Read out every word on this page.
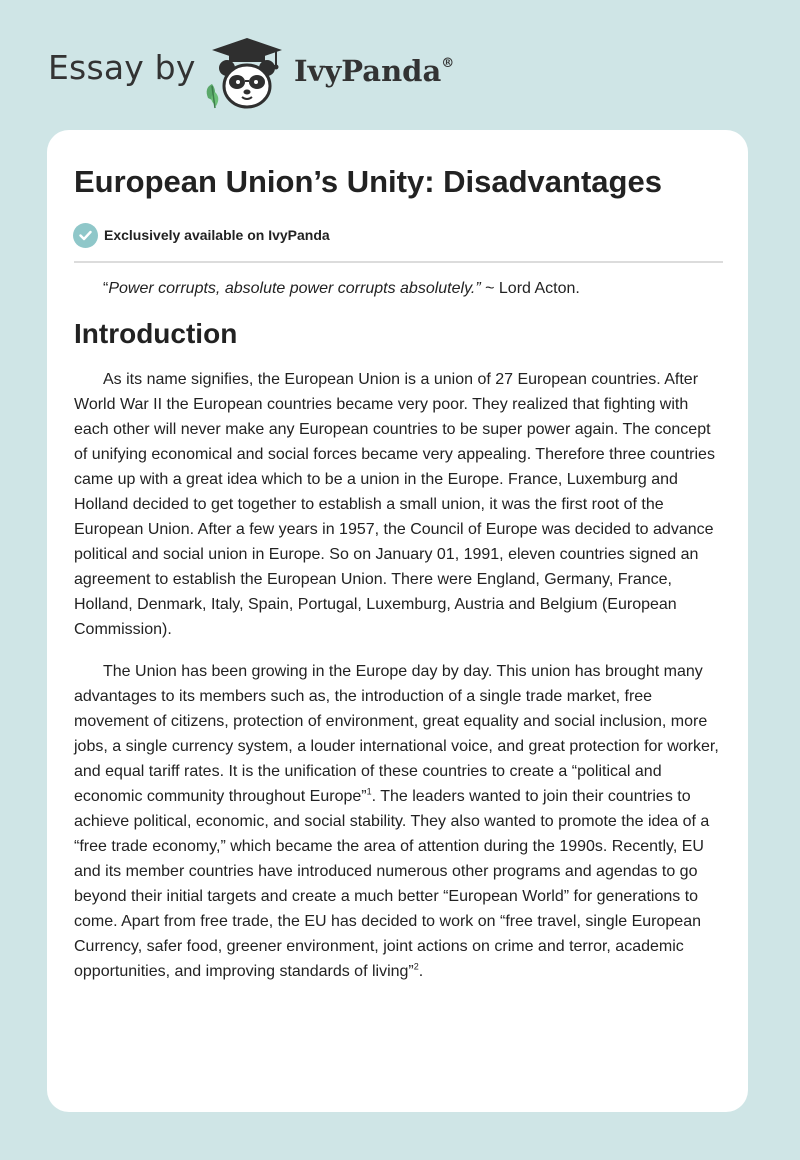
Essay by	IvyPanda®
European Union’s Unity: Disadvantages
Exclusively available on IvyPanda

“Power corrupts, absolute power corrupts absolutely.” ~ Lord Acton.

Introduction

As its name signifies, the European Union is a union of 27 European countries. After World War II the European countries became very poor. They realized that fighting with each other will never make any European countries to be super power again. The concept of unifying economical and social forces became very appealing. Therefore three countries came up with a great idea which to be a union in the Europe. France, Luxemburg and Holland decided to get together to establish a small union, it was the first root of the European Union. After a few years in 1957, the Council of Europe was decided to advance political and social union in Europe. So on January 01, 1991, eleven countries signed an agreement to establish the European Union. There were England, Germany, France, Holland, Denmark, Italy, Spain, Portugal, Luxemburg, Austria and Belgium (European Commission).

The Union has been growing in the Europe day by day. This union has brought many advantages to its members such as, the introduction of a single trade market, free movement of citizens, protection of environment, great equality and social inclusion, more jobs, a single currency system, a louder international voice, and great protection for worker, and equal tariff rates. It is the unification of these countries to create a “political and economic community throughout Europe”$^1$. The leaders wanted to join their countries to achieve political, economic, and social stability. They also wanted to promote the idea of a “free trade economy,” which became the area of attention during the 1990s. Recently, EU and its member countries have introduced numerous other programs and agendas to go beyond their initial targets and create a much better “European World” for generations to come. Apart from free trade, the EU has decided to work on “free travel, single European Currency, safer food, greener environment, joint actions on crime and terror, academic opportunities, and improving standards of living”$^2$.
